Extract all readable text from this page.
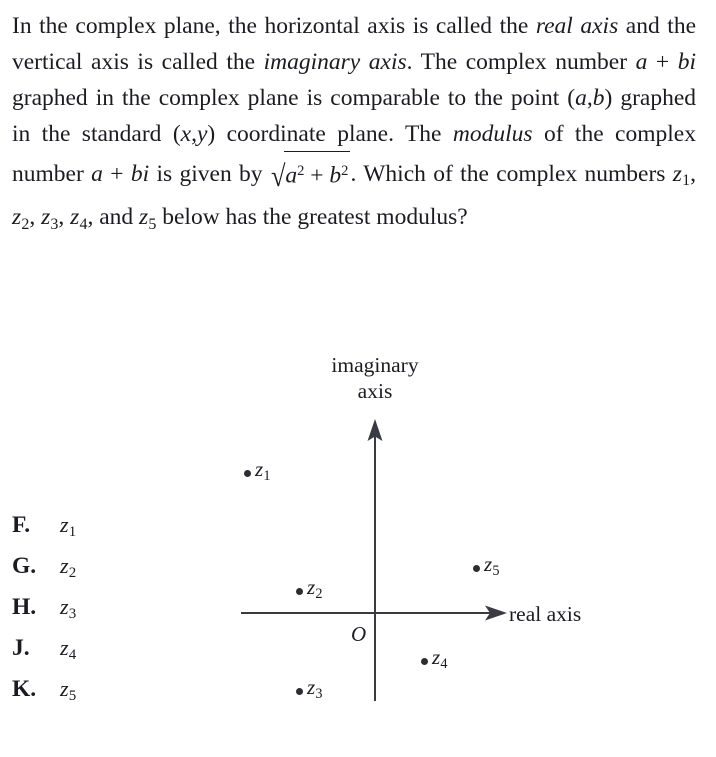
In the complex plane, the horizontal axis is called the real axis and the vertical axis is called the imaginary axis. The complex number a + bi graphed in the complex plane is comparable to the point (a,b) graphed in the standard (x,y) coordinate plane. The modulus of the complex number a + bi is given by $√a^2 + b^2$. Which of the complex numbers $z_1$, $z_2$, $z_3$, $z_4$, and $z_5$ below has the greatest modulus?
F.	$z_1$
G.	$z_2$
H.	$z_3$
J.	$z_4$
K.	$z_5$
imaginary
axis
real axis
O
$z_1$
$z_2$
$z_3$
$z_4$
$z_5$
